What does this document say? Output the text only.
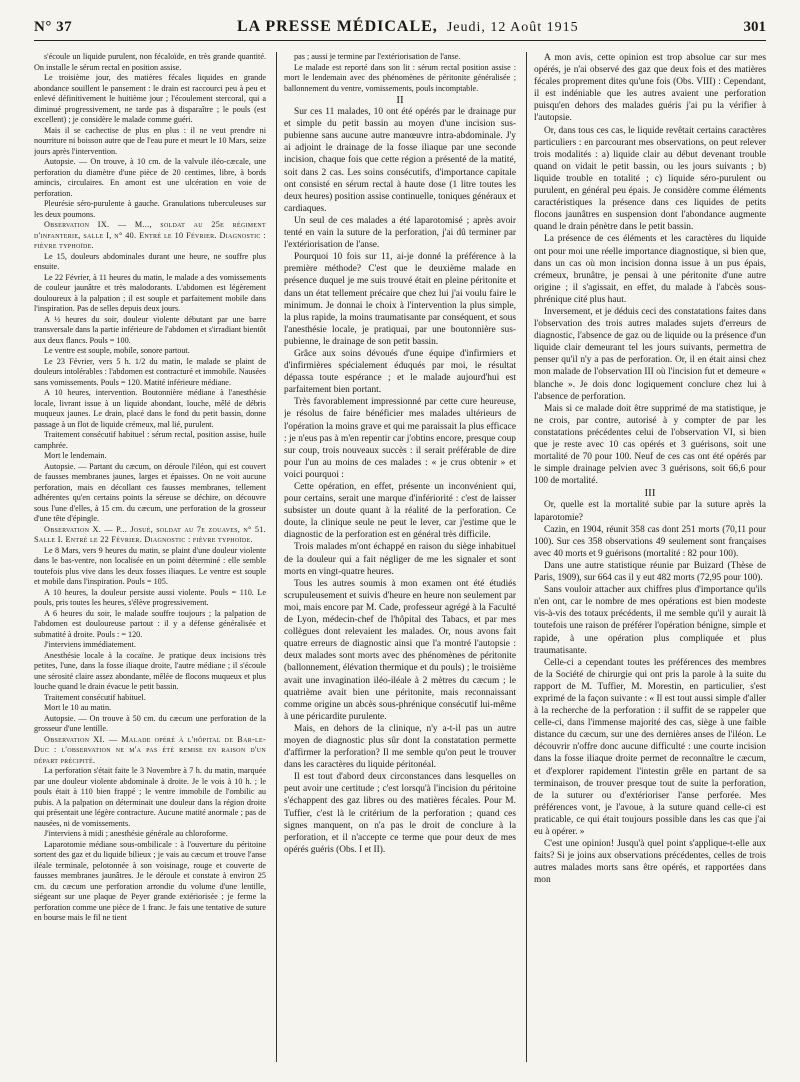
N° 37	LA PRESSE MÉDICALE, Jeudi, 12 Août 1915	301

s'écoule un liquide purulent, non fécaloïde, en très grande quantité. On installe le sérum rectal en position assise.

Le troisième jour, des matières fécales liquides en grande abondance souillent le pansement : le drain est raccourci peu à peu et enlevé définitivement le huitième jour ; l'écoulement stercoral, qui a diminué progressivement, ne tarde pas à disparaître ; le pouls (est excellent) ; je considère le malade comme guéri.

Mais il se cachectise de plus en plus : il ne veut prendre ni nourriture ni boisson autre que de l'eau pure et meurt le 10 Mars, seize jours après l'intervention.

Autopsie. — On trouve, à 10 cm. de la valvule iléo-cæcale, une perforation du diamètre d'une pièce de 20 centimes, libre, à bords amincis, circulaires. En amont est une ulcération en voie de perforation.

Pleurésie séro-purulente à gauche. Granulations tuberculeuses sur les deux poumons.

Observation IX. — M..., soldat au 25e régiment d'infanterie, salle I, n° 40. Entré le 10 Février. Diagnostic : fièvre typhoïde.

Le 15, douleurs abdominales durant une heure, ne souffre plus ensuite.

Le 22 Février, à 11 heures du matin, le malade a des vomissements de couleur jaunâtre et très malodorants. L'abdomen est légèrement douloureux à la palpation ; il est souple et parfaitement mobile dans l'inspiration. Pas de selles depuis deux jours.

A ½ heures du soir, douleur violente débutant par une barre transversale dans la partie inférieure de l'abdomen et s'irradiant bientôt aux deux flancs. Pouls = 100.

Le ventre est souple, mobile, sonore partout.

Le 23 Février, vers 5 h. 1/2 du matin, le malade se plaint de douleurs intolérables : l'abdomen est contracturé et immobile. Nausées sans vomissements. Pouls = 120. Matité inférieure médiane.

A 10 heures, intervention. Boutonnière médiane à l'anesthésie locale, livrant issue à un liquide abondant, louche, mêlé de débris muqueux jaunes. Le drain, placé dans le fond du petit bassin, donne passage à un flot de liquide crémeux, mal lié, purulent.

Traitement consécutif habituel : sérum rectal, position assise, huile camphrée.

Mort le lendemain.

Autopsie. — Partant du cæcum, on déroule l'iléon, qui est couvert de fausses membranes jaunes, larges et épaisses. On ne voit aucune perforation, mais en décollant ces fausses membranes, tellement adhérentes qu'en certains points la séreuse se déchire, on découvre sous l'une d'elles, à 15 cm. du cæcum, une perforation de la grosseur d'une tête d'épingle.

Observation X. — P... Josué, soldat au 7e zouaves, n° 51. Salle I. Entré le 22 Février. Diagnostic : fièvre typhoïde.

Le 8 Mars, vers 9 heures du matin, se plaint d'une douleur violente dans le bas-ventre, non localisée en un point déterminé : elle semble toutefois plus vive dans les deux fosses iliaques. Le ventre est souple et mobile dans l'inspiration. Pouls = 105.

A 10 heures, la douleur persiste aussi violente. Pouls = 110. Le pouls, pris toutes les heures, s'élève progressivement.

A 6 heures du soir, le malade souffre toujours ; la palpation de l'abdomen est douloureuse partout : il y a défense généralisée et submatité à droite. Pouls : = 120.

J'interviens immédiatement.

Anesthésie locale à la cocaïne. Je pratique deux incisions très petites, l'une, dans la fosse iliaque droite, l'autre médiane ; il s'écoule une sérosité claire assez abondante, mêlée de flocons muqueux et plus louche quand le drain évacue le petit bassin.

Traitement consécutif habituel.

Mort le 10 au matin.

Autopsie. — On trouve à 50 cm. du cæcum une perforation de la grosseur d'une lentille.

Observation XI. — Malade opéré à l'hôpital de Bar-le-Duc : l'observation ne m'a pas été remise en raison d'un départ précipité.

La perforation s'était faite le 3 Novembre à 7 h. du matin, marquée par une douleur violente abdominale à droite. Je le vois à 10 h. ; le pouls était à 110 bien frappé ; le ventre immobile de l'ombilic au pubis. A la palpation on déterminait une douleur dans la région droite qui présentait une légère contracture. Aucune matité anormale ; pas de nausées, ni de vomissements.

J'interviens à midi ; anesthésie générale au chloroforme.

Laparotomie médiane sous-ombilicale : à l'ouverture du péritoine sortent des gaz et du liquide bilieux ; je vais au cæcum et trouve l'anse iléale terminale, pelotonnée à son voisinage, rouge et couverte de fausses membranes jaunâtres. Je le déroule et constate à environ 25 cm. du cæcum une perforation arrondie du volume d'une lentille, siégeant sur une plaque de Peyer grande extériorisée ; je ferme la perforation comme une pièce de 1 franc. Je fais une tentative de suture en bourse mais le fil ne tient

pas ; aussi je termine par l'extériorisation de l'anse.

Le malade est reporté dans son lit : sérum rectal position assise : mort le lendemain avec des phénomènes de péritonite généralisée ; ballonnement du ventre, vomissements, pouls incomptable.

II

Sur ces 11 malades, 10 ont été opérés par le drainage pur et simple du petit bassin au moyen d'une incision sus-pubienne sans aucune autre manœuvre intra-abdominale. J'y ai adjoint le drainage de la fosse iliaque par une seconde incision, chaque fois que cette région a présenté de la matité, soit dans 2 cas. Les soins consécutifs, d'importance capitale ont consisté en sérum rectal à haute dose (1 litre toutes les deux heures) position assise continuelle, toniques généraux et cardiaques.

Un seul de ces malades a été laparotomisé ; après avoir tenté en vain la suture de la perforation, j'ai dû terminer par l'extériorisation de l'anse.

Pourquoi 10 fois sur 11, ai-je donné la préférence à la première méthode? C'est que le deuxième malade en présence duquel je me suis trouvé était en pleine péritonite et dans un état tellement précaire que chez lui j'ai voulu faire le minimum. Je donnai le choix à l'intervention la plus simple, la plus rapide, la moins traumatisante par conséquent, et sous l'anesthésie locale, je pratiquai, par une boutonnière sus-pubienne, le drainage de son petit bassin.

Grâce aux soins dévoués d'une équipe d'infirmiers et d'infirmières spécialement éduqués par moi, le résultat dépassa toute espérance ; et le malade aujourd'hui est parfaitement bien portant.

Très favorablement impressionné par cette cure heureuse, je résolus de faire bénéficier mes malades ultérieurs de l'opération la moins grave et qui me paraissait la plus efficace : je n'eus pas à m'en repentir car j'obtins encore, presque coup sur coup, trois nouveaux succès : il serait préférable de dire pour l'un au moins de ces malades : « je crus obtenir » et voici pourquoi :

Cette opération, en effet, présente un inconvénient qui, pour certains, serait une marque d'infériorité : c'est de laisser subsister un doute quant à la réalité de la perforation. Ce doute, la clinique seule ne peut le lever, car j'estime que le diagnostic de la perforation est en général très difficile.

Trois malades m'ont échappé en raison du siège inhabituel de la douleur qui a fait négliger de me les signaler et sont morts en vingt-quatre heures.

Tous les autres soumis à mon examen ont été étudiés scrupuleusement et suivis d'heure en heure non seulement par moi, mais encore par M. Cade, professeur agrégé à la Faculté de Lyon, médecin-chef de l'hôpital des Tabacs, et par mes collègues dont relevaient les malades. Or, nous avons fait quatre erreurs de diagnostic ainsi que l'a montré l'autopsie : deux malades sont morts avec des phénomènes de péritonite (ballonnement, élévation thermique et du pouls) ; le troisième avait une invagination iléo-iléale à 2 mètres du cæcum ; le quatrième avait bien une péritonite, mais reconnaissant comme origine un abcès sous-phrénique consécutif lui-même à une péricardite purulente.

Mais, en dehors de la clinique, n'y a-t-il pas un autre moyen de diagnostic plus sûr dont la constatation permette d'affirmer la perforation? Il me semble qu'on peut le trouver dans les caractères du liquide péritonéal.

Il est tout d'abord deux circonstances dans lesquelles on peut avoir une certitude ; c'est lorsqu'à l'incision du péritoine s'échappent des gaz libres ou des matières fécales. Pour M. Tuffier, c'est là le critérium de la perforation ; quand ces signes manquent, on n'a pas le droit de conclure à la perforation, et il n'accepte ce terme que pour deux de mes opérés guéris (Obs. I et II).

A mon avis, cette opinion est trop absolue car sur mes opérés, je n'ai observé des gaz que deux fois et des matières fécales proprement dites qu'une fois (Obs. VIII) : Cependant, il est indéniable que les autres avaient une perforation puisqu'en dehors des malades guéris j'ai pu la vérifier à l'autopsie.

Or, dans tous ces cas, le liquide revêtait certains caractères particuliers : en parcourant mes observations, on peut relever trois modalités : a) liquide clair au début devenant trouble quand on vidait le petit bassin, ou les jours suivants ; b) liquide trouble en totalité ; c) liquide séro-purulent ou purulent, en général peu épais. Je considère comme éléments caractéristiques la présence dans ces liquides de petits flocons jaunâtres en suspension dont l'abondance augmente quand le drain pénètre dans le petit bassin.

La présence de ces éléments et les caractères du liquide ont pour moi une réelle importance diagnostique, si bien que, dans un cas où mon incision donna issue à un pus épais, crémeux, brunâtre, je pensai à une péritonite d'une autre origine ; il s'agissait, en effet, du malade à l'abcès sous-phrénique cité plus haut.

Inversement, et je déduis ceci des constatations faites dans l'observation des trois autres malades sujets d'erreurs de diagnostic, l'absence de gaz ou de liquide ou la présence d'un liquide clair demeurant tel les jours suivants, permettra de penser qu'il n'y a pas de perforation. Or, il en était ainsi chez mon malade de l'observation III où l'incision fut et demeure « blanche ». Je dois donc logiquement conclure chez lui à l'absence de perforation.

Mais si ce malade doit être supprimé de ma statistique, je ne crois, par contre, autorisé à y compter de par les constatations précédentes celui de l'observation VI, si bien que je reste avec 10 cas opérés et 3 guérisons, soit une mortalité de 70 pour 100. Neuf de ces cas ont été opérés par le simple drainage pelvien avec 3 guérisons, soit 66,6 pour 100 de mortalité.

III

Or, quelle est la mortalité subie par la suture après la laparotomie?

Cazin, en 1904, réunit 358 cas dont 251 morts (70,11 pour 100). Sur ces 358 observations 49 seulement sont françaises avec 40 morts et 9 guérisons (mortalité : 82 pour 100).

Dans une autre statistique réunie par Buizard (Thèse de Paris, 1909), sur 664 cas il y eut 482 morts (72,95 pour 100).

Sans vouloir attacher aux chiffres plus d'importance qu'ils n'en ont, car le nombre de mes opérations est bien modeste vis-à-vis des totaux précédents, il me semble qu'il y aurait là toutefois une raison de préférer l'opération bénigne, simple et rapide, à une opération plus compliquée et plus traumatisante.

Celle-ci a cependant toutes les préférences des membres de la Société de chirurgie qui ont pris la parole à la suite du rapport de M. Tuffier, M. Morestin, en particulier, s'est exprimé de la façon suivante : « Il est tout aussi simple d'aller à la recherche de la perforation : il suffit de se rappeler que celle-ci, dans l'immense majorité des cas, siège à une faible distance du cæcum, sur une des dernières anses de l'iléon. Le découvrir n'offre donc aucune difficulté : une courte incision dans la fosse iliaque droite permet de reconnaître le cæcum, et d'explorer rapidement l'intestin grêle en partant de sa terminaison, de trouver presque tout de suite la perforation, de la suturer ou d'extérioriser l'anse perforée. Mes préférences vont, je l'avoue, à la suture quand celle-ci est praticable, ce qui était toujours possible dans les cas que j'ai eu à opérer. »

C'est une opinion! Jusqu'à quel point s'applique-t-elle aux faits? Si je joins aux observations précédentes, celles de trois autres malades morts sans être opérés, et rapportées dans mon
